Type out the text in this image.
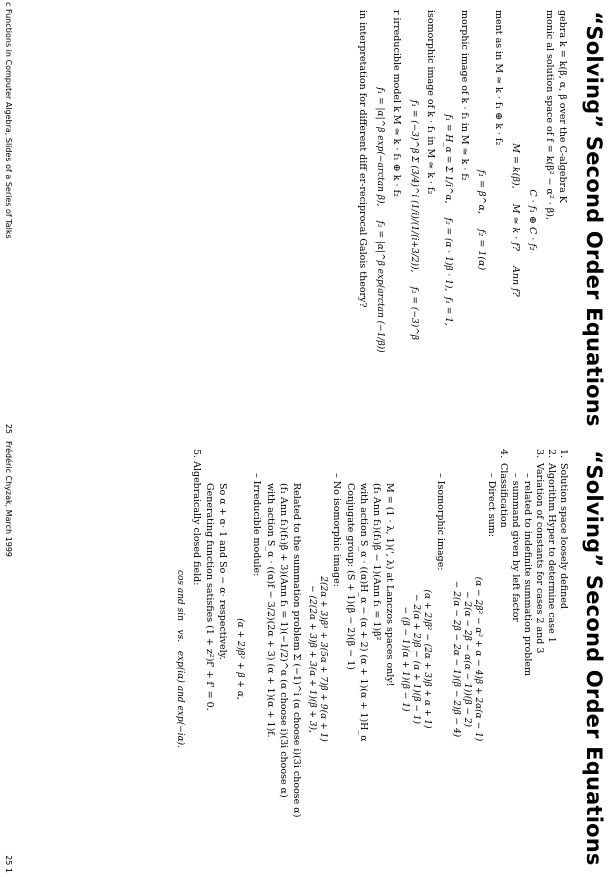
“Solving” Second Order Equations
gebra k = k(β, α, β over the C-algebra K
monic al solution space of f = k(β² − α² · β),
C · f₁ ⊕ C · f₂
M = k(β),     M ≃ k · f?     Ann f?
ment as in M ≃ k · f₁ ⊕ k · f₂
f₁ = β^α,     f₂ = 1(α)
morphic image of k · f₁ in M ≃ k · f₂
f₁ = H_α = Σ 1/i^α,     f₂ = (α · 1)β · 1),  f₁ = 1,
isomorphic image of k · f₁ in M ≃ k · f₂
f₁ = (−3)^β Σ (3/4)^i (1/i)/(1/(i+3/2)),     f₂ = (−3)^β
r irreducible model k M ≃ k · f₁ ⊕ k · f₂
f₁ = |α|^β exp(−arctan β),     f₂ = |α|^β exp(arctan (−1/β))
in interpretation for different diff er-reciprocal Galois theory?
c Functions in Computer Algebra, Slides of a Series of Talks
25
“Solving” Second Order Equations
1.
Solution space loosely defined
2.
Algorithm Hyper to determine case 1
3.
Variation of constants for cases 2 and 3
– related to indefinite summation problem
– summand given by left factor
4.
Classification
– Direct sum:
(α − 2β² − α² + α − 4)β + 2α(α − 1)
− 2(α − 2β − α(α − 1))(β − 2)
− 2(α − 2β − 2α − 1)(β − 2)β − 4)
– Isomorphic image:
(α + 2)β² − (2α + 3)β + α + 1)
− 2(α + 2)β − (α + 1)(β − 1)
− (β − 1)(α + 1)(β − 1)
M = (1 · λ, 1)(', λ) at Lanczos spaces only!
(f₁ Ann f₁)(f₁)β − 1)(Ann f₁ = 1)β²
with action S_α · ((α)H_α − (α + 2) (α + 1)(α + 1)H_α
Conjugate group: (S + 1)(β − 2)(β − 1)
– No isomorphic image:
2(2α + 3)β³ + 3(5α + 7)β + 9(α + 1)
− (2(2α + 3)β + 3(α + 1)(β + 3),
Related to the summation problem Σ (−1)^i (α choose i)(3i choose α)
(f₁ Ann f₁)(f₁)β + 3)(Ann f₁ = 1)(−1/2)^α (α choose i)(3i choose α)
with action S_α · ((α)f − 3/2)(2α + 3) (α + 1)(α + 1)f.
– Irreducible module:
(α + 2)β² + β + α,
So α + α· 1 and So − α· respectively.
Generating function satisfies (1 + z²)f' + f' = 0.
5. Algebraically closed field:
cos and sin   vs.   exp(iα) and exp(−iα).
Frédéric Chyzak, March 1999
25 1
